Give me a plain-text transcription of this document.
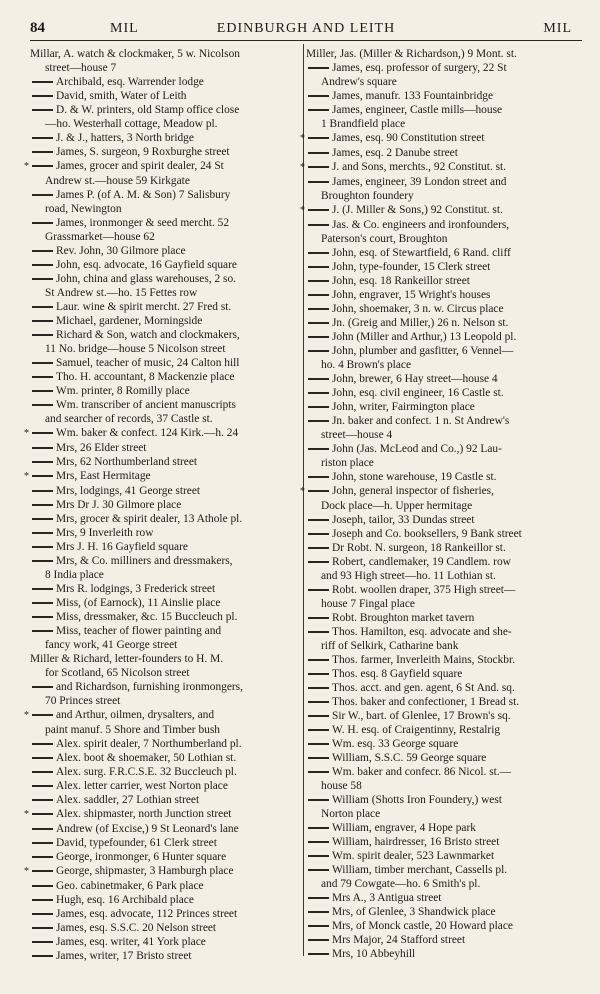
84	MIL	EDINBURGH AND LEITH	MIL
Millar, A. watch & clockmaker, 5 w. Nicolson
street—house 7
Archibald, esq. Warrender lodge
David, smith, Water of Leith
D. & W. printers, old Stamp office close
—ho. Westerhall cottage, Meadow pl.
J. & J., hatters, 3 North bridge
James, S. surgeon, 9 Roxburghe street
* James, grocer and spirit dealer, 24 St
Andrew st.—house 59 Kirkgate
James P. (of A. M. & Son) 7 Salisbury
road, Newington
James, ironmonger & seed mercht. 52
Grassmarket—house 62
Rev. John, 30 Gilmore place
John, esq. advocate, 16 Gayfield square
John, china and glass warehouses, 2 so.
St Andrew st.—ho. 15 Fettes row
Laur. wine & spirit mercht. 27 Fred st.
Michael, gardener, Morningside
Richard & Son, watch and clockmakers,
11 No. bridge—house 5 Nicolson street
Samuel, teacher of music, 24 Calton hill
Tho. H. accountant, 8 Mackenzie place
Wm. printer, 8 Romilly place
Wm. transcriber of ancient manuscripts
and searcher of records, 37 Castle st.
* Wm. baker & confect. 124 Kirk.—h. 24
Mrs, 26 Elder street
Mrs, 62 Northumberland street
* Mrs, East Hermitage
Mrs, lodgings, 41 George street
Mrs Dr J. 30 Gilmore place
Mrs, grocer & spirit dealer, 13 Athole pl.
Mrs, 9 Inverleith row
Mrs J. H. 16 Gayfield square
Mrs, & Co. milliners and dressmakers,
8 India place
Mrs R. lodgings, 3 Frederick street
Miss, (of Earnock), 11 Ainslie place
Miss, dressmaker, &c. 15 Buccleuch pl.
Miss, teacher of flower painting and
fancy work, 41 George street
Miller & Richard, letter-founders to H. M.
for Scotland, 65 Nicolson street
and Richardson, furnishing ironmongers,
70 Princes street
* and Arthur, oilmen, drysalters, and
paint manuf. 5 Shore and Timber bush
Alex. spirit dealer, 7 Northumberland pl.
Alex. boot & shoemaker, 50 Lothian st.
Alex. surg. F.R.C.S.E. 32 Buccleuch pl.
Alex. letter carrier, west Norton place
Alex. saddler, 27 Lothian street
* Alex. shipmaster, north Junction street
Andrew (of Excise,) 9 St Leonard's lane
David, typefounder, 61 Clerk street
George, ironmonger, 6 Hunter square
* George, shipmaster, 3 Hamburgh place
Geo. cabinetmaker, 6 Park place
Hugh, esq. 16 Archibald place
James, esq. advocate, 112 Princes street
James, esq. S.S.C. 20 Nelson street
James, esq. writer, 41 York place
James, writer, 17 Bristo street
Miller, Jas. (Miller & Richardson,) 9 Mont. st.
James, esq. professor of surgery, 22 St
Andrew's square
James, manufr. 133 Fountainbridge
James, engineer, Castle mills—house
1 Brandfield place
* James, esq. 90 Constitution street
James, esq. 2 Danube street
* J. and Sons, merchts., 92 Constitut. st.
James, engineer, 39 London street and
Broughton foundery
* J. (J. Miller & Sons,) 92 Constitut. st.
Jas. & Co. engineers and ironfounders,
Paterson's court, Broughton
John, esq. of Stewartfield, 6 Rand. cliff
John, type-founder, 15 Clerk street
John, esq. 18 Rankeillor street
John, engraver, 15 Wright's houses
John, shoemaker, 3 n. w. Circus place
Jn. (Greig and Miller,) 26 n. Nelson st.
John (Miller and Arthur,) 13 Leopold pl.
John, plumber and gasfitter, 6 Vennel—
ho. 4 Brown's place
John, brewer, 6 Hay street—house 4
John, esq. civil engineer, 16 Castle st.
John, writer, Fairmington place
Jn. baker and confect. 1 n. St Andrew's
street—house 4
John (Jas. McLeod and Co.,) 92 Lau-
riston place
John, stone warehouse, 19 Castle st.
* John, general inspector of fisheries,
Dock place—h. Upper hermitage
Joseph, tailor, 33 Dundas street
Joseph and Co. booksellers, 9 Bank street
Dr Robt. N. surgeon, 18 Rankeillor st.
Robert, candlemaker, 19 Candlem. row
and 93 High street—ho. 11 Lothian st.
Robt. woollen draper, 375 High street—
house 7 Fingal place
Robt. Broughton market tavern
Thos. Hamilton, esq. advocate and she-
riff of Selkirk, Catharine bank
Thos. farmer, Inverleith Mains, Stockbr.
Thos. esq. 8 Gayfield square
Thos. acct. and gen. agent, 6 St And. sq.
Thos. baker and confectioner, 1 Bread st.
Sir W., bart. of Glenlee, 17 Brown's sq.
W. H. esq. of Craigentinny, Restalrig
Wm. esq. 33 George square
William, S.S.C. 59 George square
Wm. baker and confecr. 86 Nicol. st.—
house 58
William (Shotts Iron Foundery,) west
Norton place
William, engraver, 4 Hope park
William, hairdresser, 16 Bristo street
Wm. spirit dealer, 523 Lawnmarket
William, timber merchant, Cassells pl.
and 79 Cowgate—ho. 6 Smith's pl.
Mrs A., 3 Antigua street
Mrs, of Glenlee, 3 Shandwick place
Mrs, of Monck castle, 20 Howard place
Mrs Major, 24 Stafford street
Mrs, 10 Abbeyhill
